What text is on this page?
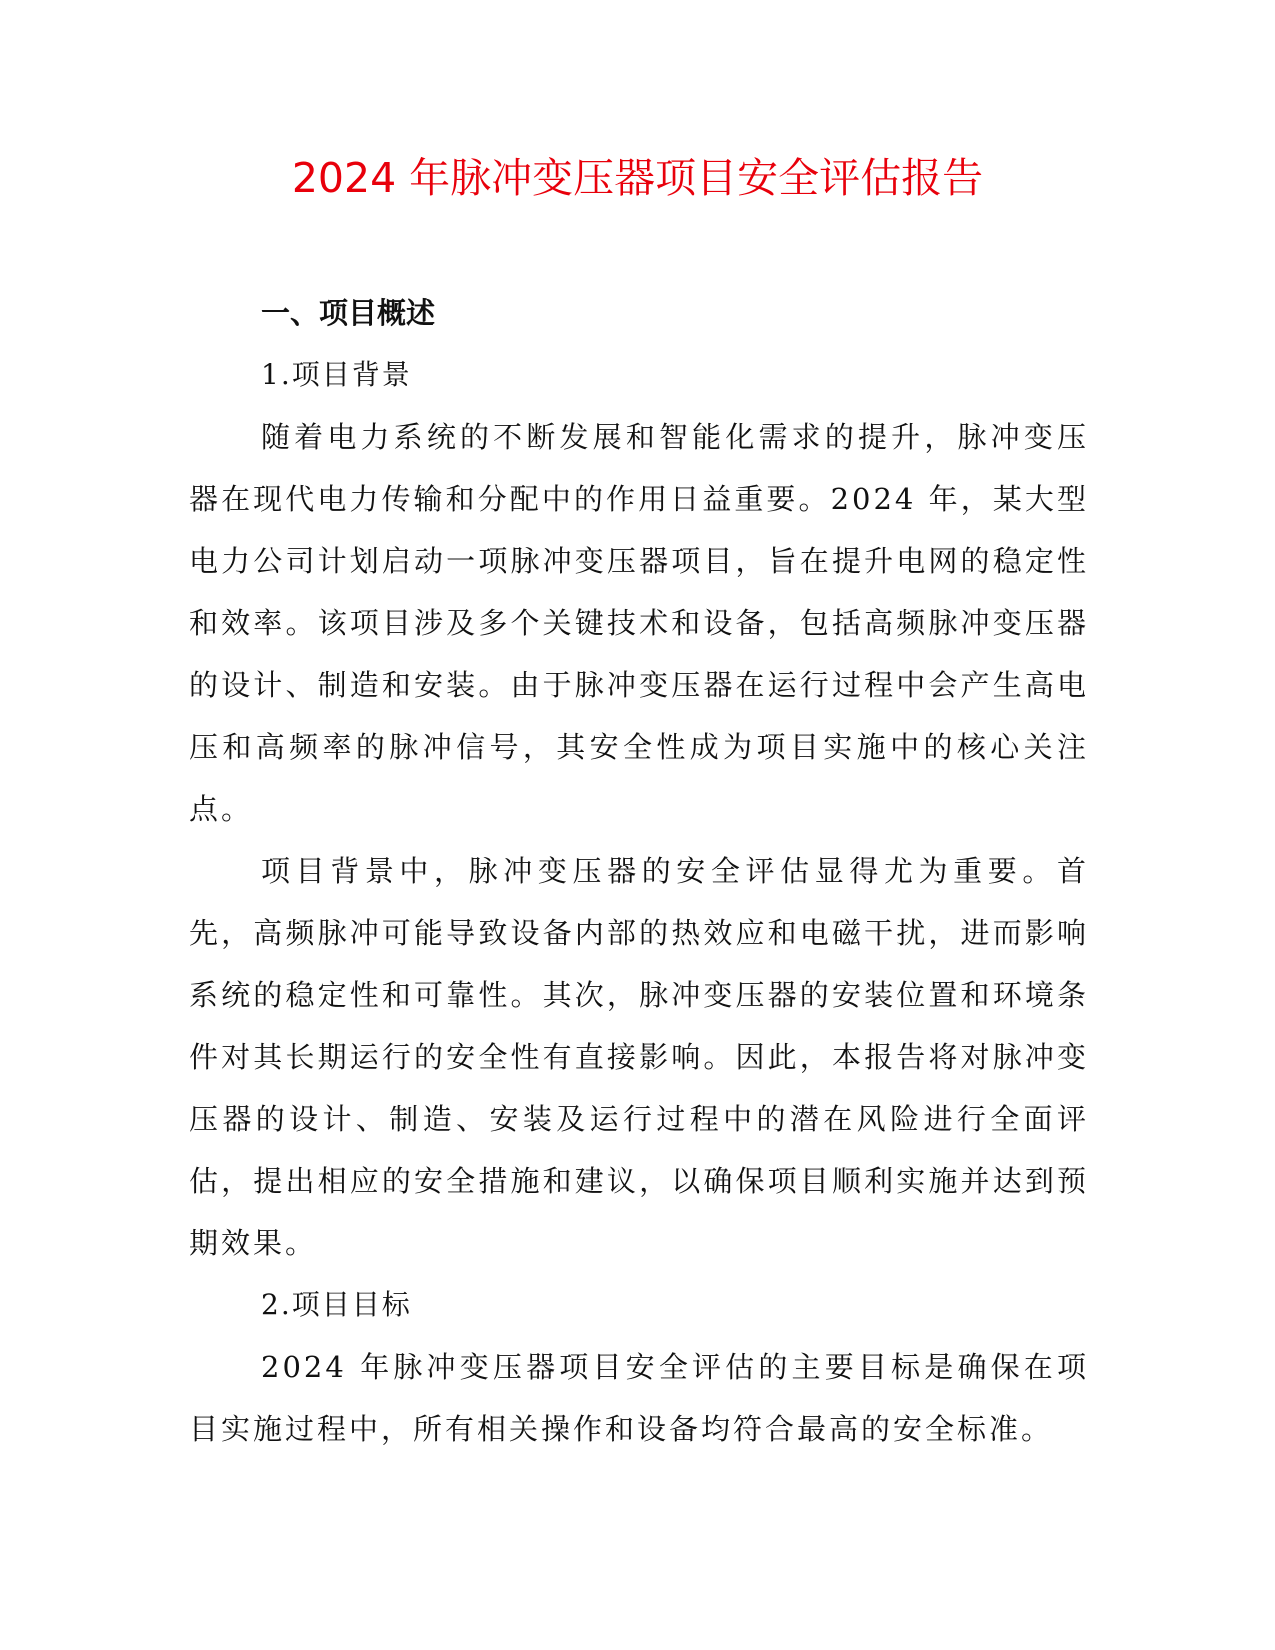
2024 年脉冲变压器项目安全评估报告
一、项目概述
1.项目背景

随着电力系统的不断发展和智能化需求的提升，脉冲变压器在现代电力传输和分配中的作用日益重要。2024 年，某大型电力公司计划启动一项脉冲变压器项目，旨在提升电网的稳定性和效率。该项目涉及多个关键技术和设备，包括高频脉冲变压器的设计、制造和安装。由于脉冲变压器在运行过程中会产生高电压和高频率的脉冲信号，其安全性成为项目实施中的核心关注点。

项目背景中，脉冲变压器的安全评估显得尤为重要。首先，高频脉冲可能导致设备内部的热效应和电磁干扰，进而影响系统的稳定性和可靠性。其次，脉冲变压器的安装位置和环境条件对其长期运行的安全性有直接影响。因此，本报告将对脉冲变压器的设计、制造、安装及运行过程中的潜在风险进行全面评估，提出相应的安全措施和建议，以确保项目顺利实施并达到预期效果。

2.项目目标

2024 年脉冲变压器项目安全评估的主要目标是确保在项目实施过程中，所有相关操作和设备均符合最高的安全标准。
